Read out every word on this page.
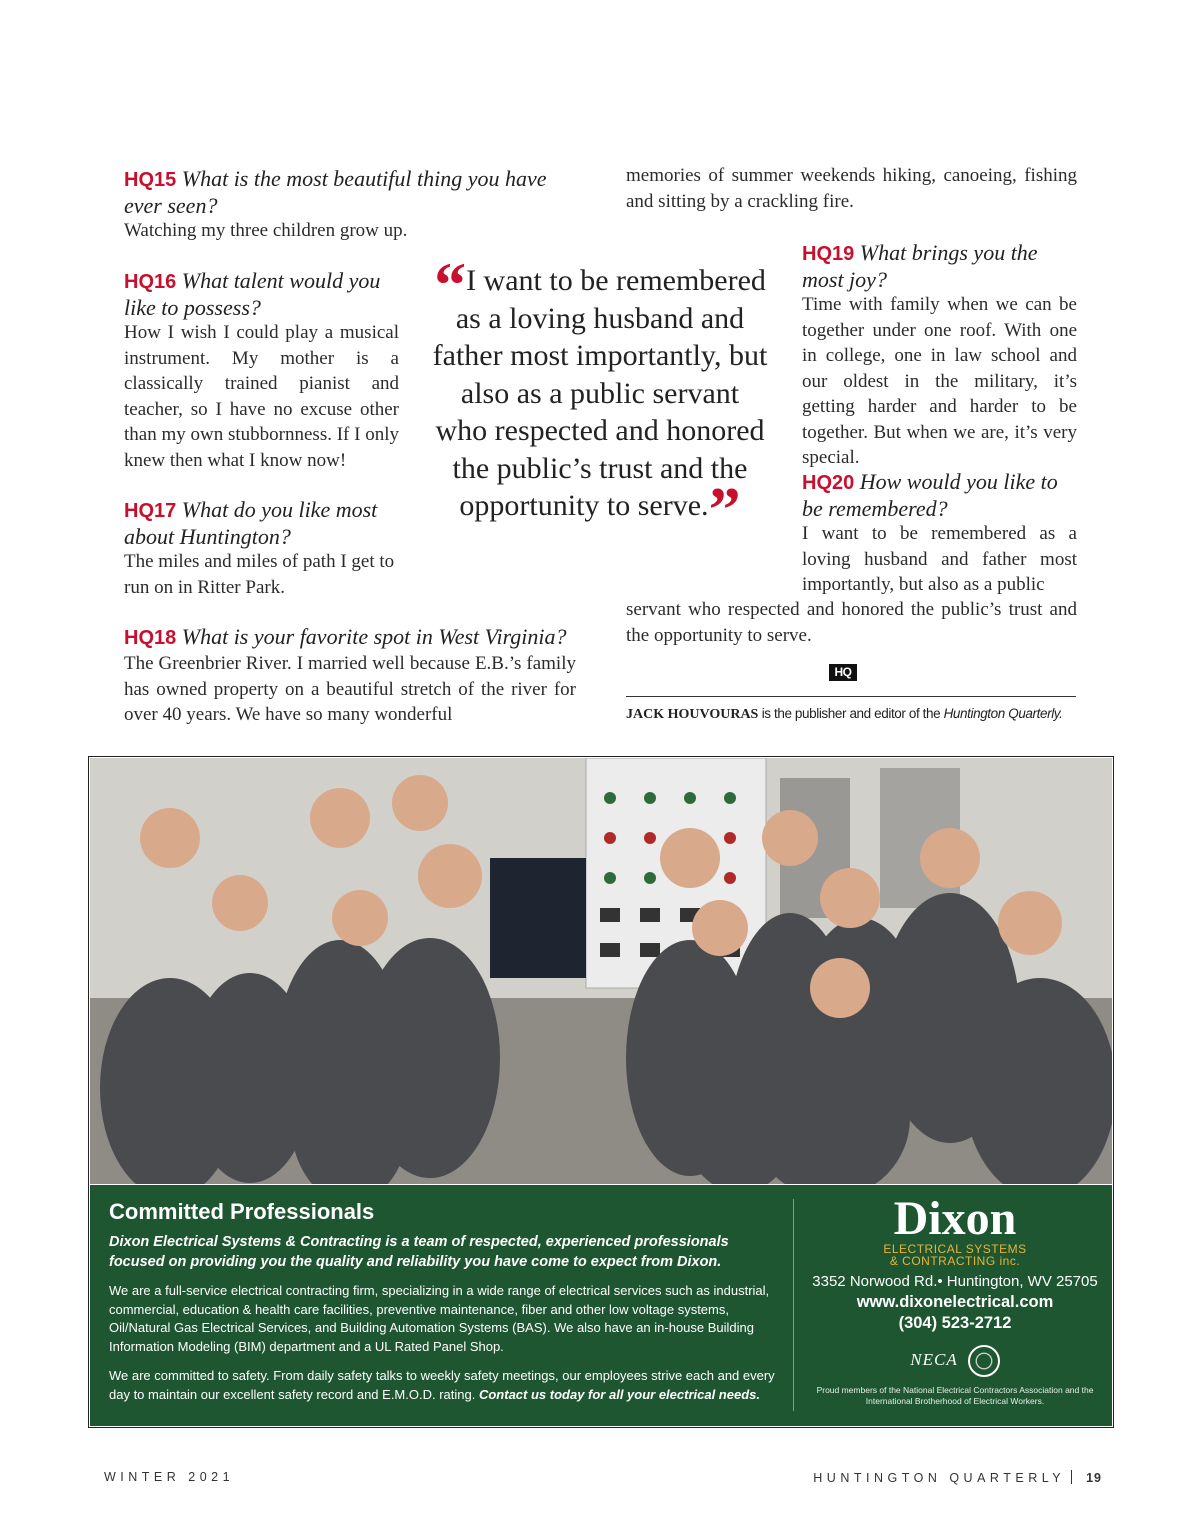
HQ15 What is the most beautiful thing you have ever seen?

Watching my three children grow up.

HQ16 What talent would you like to possess?

How I wish I could play a musical instrument. My mother is a classically trained pianist and teacher, so I have no excuse other than my own stubbornness. If I only knew then what I know now!

HQ17 What do you like most about Huntington?

The miles and miles of path I get to run on in Ritter Park.

HQ18 What is your favorite spot in West Virginia?

The Greenbrier River. I married well because E.B.’s family has owned property on a beautiful stretch of the river for over 40 years. We have so many wonderful

memories of summer weekends hiking, canoeing, fishing and sitting by a crackling fire.

HQ19 What brings you the most joy?

Time with family when we can be together under one roof. With one in college, one in law school and our oldest in the military, it’s getting harder and harder to be together. But when we are, it’s very special.

HQ20 How would you like to be remembered?

I want to be remembered as a loving husband and father most importantly, but also as a public

servant who respected and honored the public’s trust and the opportunity to serve.

“I want to be remembered as a loving husband and father most importantly, but also as a public servant who respected and honored the public’s trust and the opportunity to serve.”
HQ
JACK HOUVOURAS is the publisher and editor of the Huntington Quarterly.
Committed Professionals
Dixon Electrical Systems & Contracting is a team of respected, experienced professionals focused on providing you the quality and reliability you have come to expect from Dixon.
We are a full-service electrical contracting firm, specializing in a wide range of electrical services such as industrial, commercial, education & health care facilities, preventive maintenance, fiber and other low voltage systems, Oil/Natural Gas Electrical Services, and Building Automation Systems (BAS). We also have an in-house Building Information Modeling (BIM) department and a UL Rated Panel Shop.
We are committed to safety. From daily safety talks to weekly safety meetings, our employees strive each and every day to maintain our excellent safety record and E.M.O.D. rating. Contact us today for all your electrical needs.
Dixon
ELECTRICAL SYSTEMS
& CONTRACTING inc.
3352 Norwood Rd.• Huntington, WV 25705
www.dixonelectrical.com
(304) 523-2712
NECA
Proud members of the National Electrical Contractors Association and the International Brotherhood of Electrical Workers.
WINTER 2021	HUNTINGTON QUARTERLY 19
